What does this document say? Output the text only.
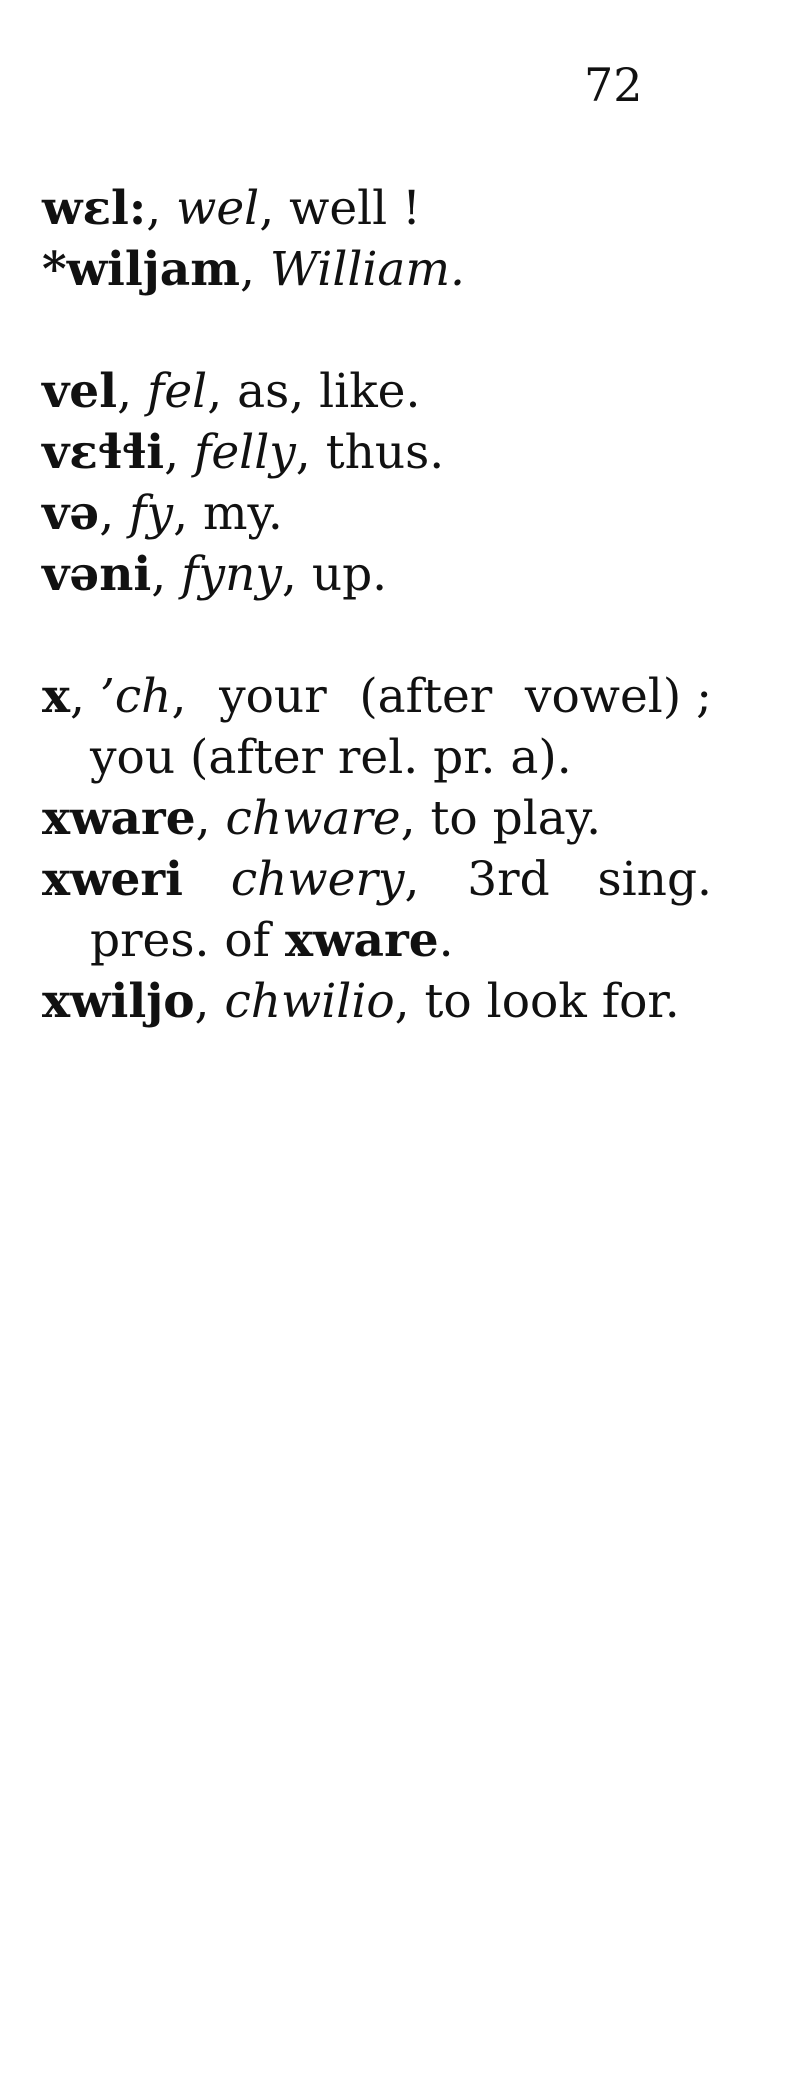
72
wɛl:, wel, well !
*wiljam, William.
vel, fel, as, like.
vɛɬɬi, felly, thus.
və, fy, my.
vəni, fyny, up.
x, ’ch, your (after vowel) ;
you (after rel. pr. a).
xware, chware, to play.
xweri chwery, 3rd sing.
pres. of xware.
xwiljo, chwilio, to look for.
